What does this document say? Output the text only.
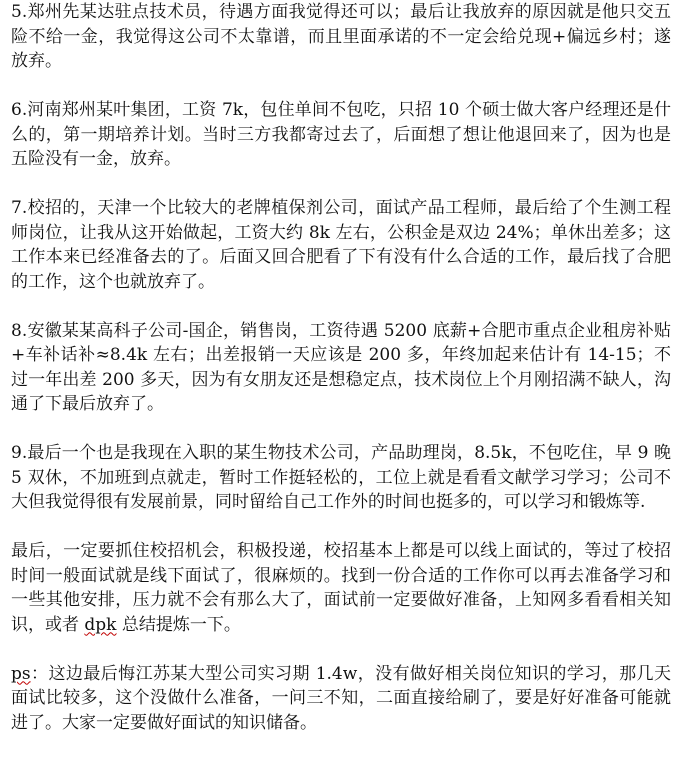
5.郑州先某达驻点技术员，待遇方面我觉得还可以；最后让我放弃的原因就是他只交五险不给一金，我觉得这公司不太靠谱，而且里面承诺的不一定会给兑现+偏远乡村；遂放弃。

6.河南郑州某叶集团，工资 7k，包住单间不包吃，只招 10 个硕士做大客户经理还是什么的，第一期培养计划。当时三方我都寄过去了，后面想了想让他退回来了，因为也是五险没有一金，放弃。

7.校招的，天津一个比较大的老牌植保剂公司，面试产品工程师，最后给了个生测工程师岗位，让我从这开始做起，工资大约 8k 左右，公积金是双边 24%；单休出差多；这工作本来已经准备去的了。后面又回合肥看了下有没有什么合适的工作，最后找了合肥的工作，这个也就放弃了。

8.安徽某某高科子公司-国企，销售岗，工资待遇 5200 底薪+合肥市重点企业租房补贴+车补话补≈8.4k 左右；出差报销一天应该是 200 多，年终加起来估计有 14-15；不过一年出差 200 多天，因为有女朋友还是想稳定点，技术岗位上个月刚招满不缺人，沟通了下最后放弃了。

9.最后一个也是我现在入职的某生物技术公司，产品助理岗，8.5k，不包吃住，早 9 晚 5 双休，不加班到点就走，暂时工作挺轻松的，工位上就是看看文献学习学习；公司不大但我觉得很有发展前景，同时留给自己工作外的时间也挺多的，可以学习和锻炼等.

最后，一定要抓住校招机会，积极投递，校招基本上都是可以线上面试的，等过了校招时间一般面试就是线下面试了，很麻烦的。找到一份合适的工作你可以再去准备学习和一些其他安排，压力就不会有那么大了，面试前一定要做好准备，上知网多看看相关知识，或者 dpk 总结提炼一下。

ps：这边最后悔江苏某大型公司实习期 1.4w，没有做好相关岗位知识的学习，那几天面试比较多，这个没做什么准备，一问三不知，二面直接给刷了，要是好好准备可能就进了。大家一定要做好面试的知识储备。
